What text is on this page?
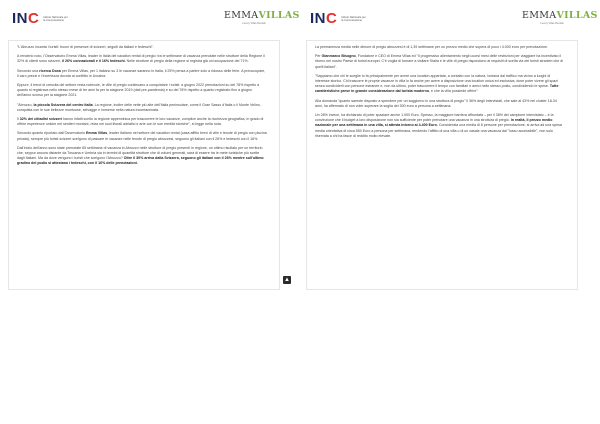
INC Istituto Nazionale per la Comunicazione	EMMAVILLAS
Luxury Villas Rentals

"L'Abruzzo incanta i turisti: boom di presenze di svizzeri, seguiti da italiani e tedeschi".

A renderlo noto, l'Osservatorio Emma Villas, leader in Italia del vacation rental di pregio: tra le settimane di vacanza prenotate nelle strutture della Regione il 32% di clienti sono svizzeri, il 26% connazionali e il 16% tedeschi. Nelle strutture di pregio della regione si registra già un'occupazione del 71%.

Secondo una ricerca Doxa per Emma Villas, per 1 italiano su 3 le vacanze saranno in Italia, il 25% pensa a partire solo a ridosso delle ferie. A preoccupare, il caro prezzi e l'incertezza dovuta al conflitto in Ucraina.

Eppure, il trend di crescita del settore resta notevole, le ville di pregio continuano a conquistare i turisti: a giugno 2022 prenotazioni su del 78% rispetto a quanto si registrava nello stesso mese di tre anni fa per la stagione 2019 (dati pre-pandemia) e su del 76% rispetto a quanto registrato fino a giugno dell'anno scorso per la stagione 2021.

"Abruzzo, la piccola Svizzera del centro Italia. La regione, inoltre delle vette più alte dell'Italia peninsulare, come il Gran Sasso d'Italia o il Monte Velino, conquista con le sue bellezze montuose, selvagge e immerse nella natura incontaminata.

Il 32% dei cittadini svizzeri hanno infatti scelto la regione appenninica per trascorrere le loro vacanze, complice anche la ricchezza geografica, in grado di offrire esperienze uniche nei sentieri montani, relax nei suoi litorali adriatici e arte con le sue eredità storiche", si legge nella nota.

Secondo quanto riportato dall'Osservatorio Emma Villas, leader Italiano nel settore del vacation rental (casa affitto brevi di ville e tenute di pregio con piscina privata), sempre più turisti svizzeri scelgono di passare le vacanze nelle tenute di pregio abruzzesi, seguono gli italiani con il 26% e tedeschi con il 16%.

Dall'inizio dell'anno sono state prenotate 65 settimane di vacanza in Abruzzo nelle strutture di pregio presenti in regione, un ottimo risultato per un territorio che, seppur ancora distante da Toscana e Umbria sia in termini di quantità strutture che di volumi generati, sarà di essere tra le mete turistiche più scelte dagli Italiani. Ma da dove vengono i turisti che scelgono l'Abruzzo? Oltre il 30% arriva dalla Svizzera, seguono gli italiani con il 26% mentre sull'ultimo gradino del podio si attestano i tedeschi, con il 16% delle prenotazioni.

▲
INC Istituto Nazionale per la Comunicazione	EMMAVILLAS
Luxury Villas Rentals

La permanenza media nelle dimore di pregio abruzzesi è di 1,39 settimane per un prezzo medio che supera di poco i 4.000 euro per prenotazione.

Per Gianmarco Bisogno, Fondatore e CEO di Emma Villas ed "Il progressivo allentamento negli ucorsi mesi delle restrizioni per viaggiare ha incentivato il ritorno nel nostro Paese di turisti europei. C'è voglia di tornare a visitare l'Italia e le ville di pregio rispondono ai requisiti di scelta via dei turisti stranieri che di quelli italiani".

"Sappiamo che chi le sceglie lo fa principalmente per avere una location appartata, a contatto con la natura, lontana dal traffico ma vicino a luoghi di interesse storico. Chi trascorre le proprie vacanze in villa lo fa anche per avere a disposizione una location unica ed esclusiva, dove poter vivere gli spazi senza condividerli con persone estranee e, non da ultimo, poter trascorrere il tempo con familiari e amici nello stesso posto, condividendo le spese. Tutte caratteristiche prese in grande considerazione dal turista moderno, e che la villa possiede offrire".

Alla domanda "quanto sareste disposto a spendere per un soggiorno in una struttura di pregio" il 36% degli intervistati, che sale al 43% nel cluster 18-34 anni, ha affermato di non voler superare la soglia dei 300 euro a persona a settimana.

Un 28% invece, ha dichiarato di poter spaziare anche 1.000 Euro. Spesso, la maggiore barriera affrontata – per il 38% del campione intervistato – è la convinzione che il budget a loro disposizione non sia sufficiente per poter prenotare una vacanza in una struttura di pregio. In realtà, il prezzo medio nazionale per una settimana in una villa, si attesta intorno ai 4.400 Euro. Considerata una media di 8 persone per prenotazione, si arriva ad una spesa media orientativa di circa 550 Euro a persona per settimana, rendendo l'affitto di una villa o di un casale una vacanza dal "lusso accessibile", non solo riservata a chi ha fasce di reddito molto elevate.
